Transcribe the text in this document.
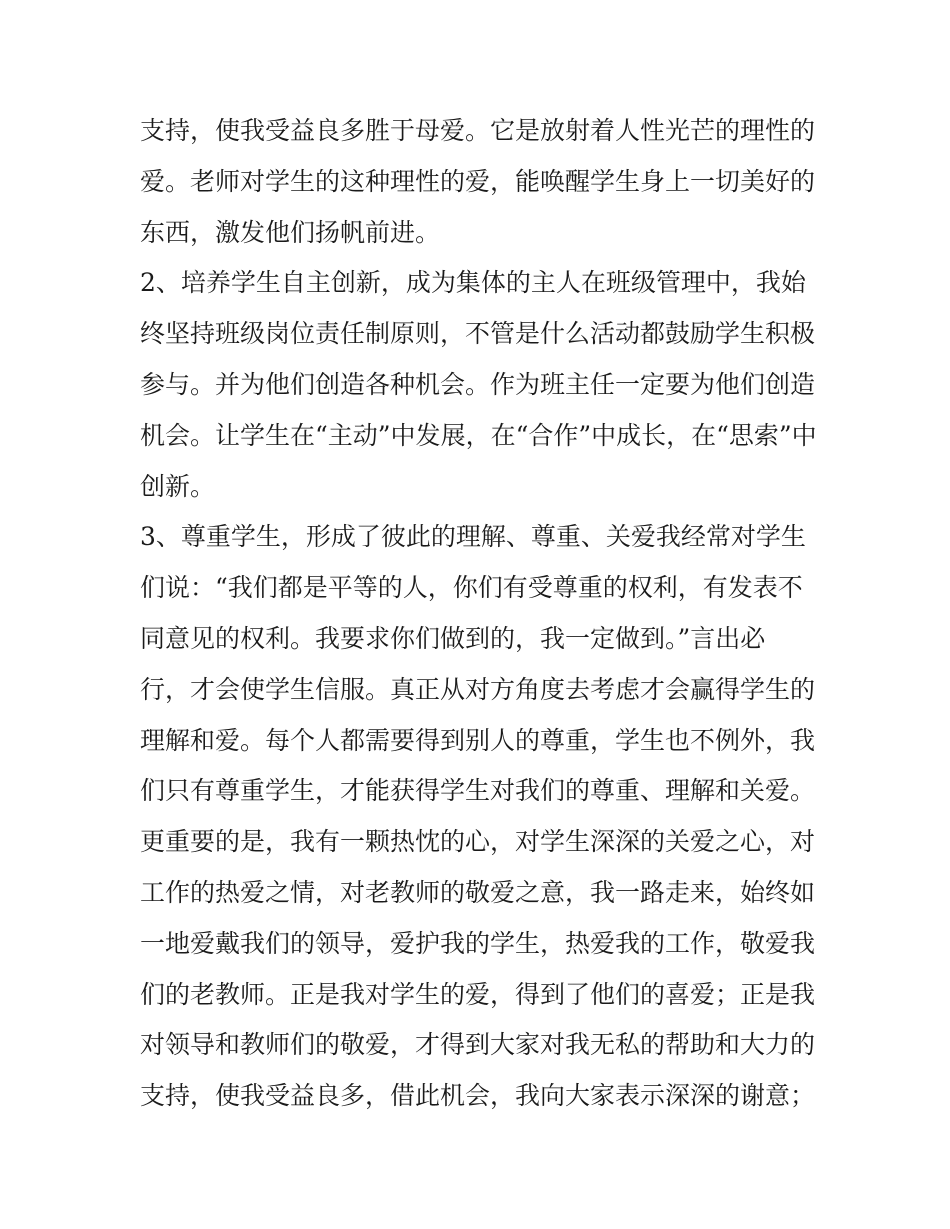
支持，使我受益良多胜于母爱。它是放射着人性光芒的理性的
爱。老师对学生的这种理性的爱，能唤醒学生身上一切美好的
东西，激发他们扬帆前进。
2、培养学生自主创新，成为集体的主人在班级管理中，我始
终坚持班级岗位责任制原则，不管是什么活动都鼓励学生积极
参与。并为他们创造各种机会。作为班主任一定要为他们创造
机会。让学生在“主动”中发展，在“合作”中成长，在“思索”中
创新。
3、尊重学生，形成了彼此的理解、尊重、关爱我经常对学生
们说：“我们都是平等的人，你们有受尊重的权利，有发表不
同意见的权利。我要求你们做到的，我一定做到。”言出必
行，才会使学生信服。真正从对方角度去考虑才会赢得学生的
理解和爱。每个人都需要得到别人的尊重，学生也不例外，我
们只有尊重学生，才能获得学生对我们的尊重、理解和关爱。
更重要的是，我有一颗热忱的心，对学生深深的关爱之心，对
工作的热爱之情，对老教师的敬爱之意，我一路走来，始终如
一地爱戴我们的领导，爱护我的学生，热爱我的工作，敬爱我
们的老教师。正是我对学生的爱，得到了他们的喜爱；正是我
对领导和教师们的敬爱，才得到大家对我无私的帮助和大力的
支持，使我受益良多，借此机会，我向大家表示深深的谢意；
